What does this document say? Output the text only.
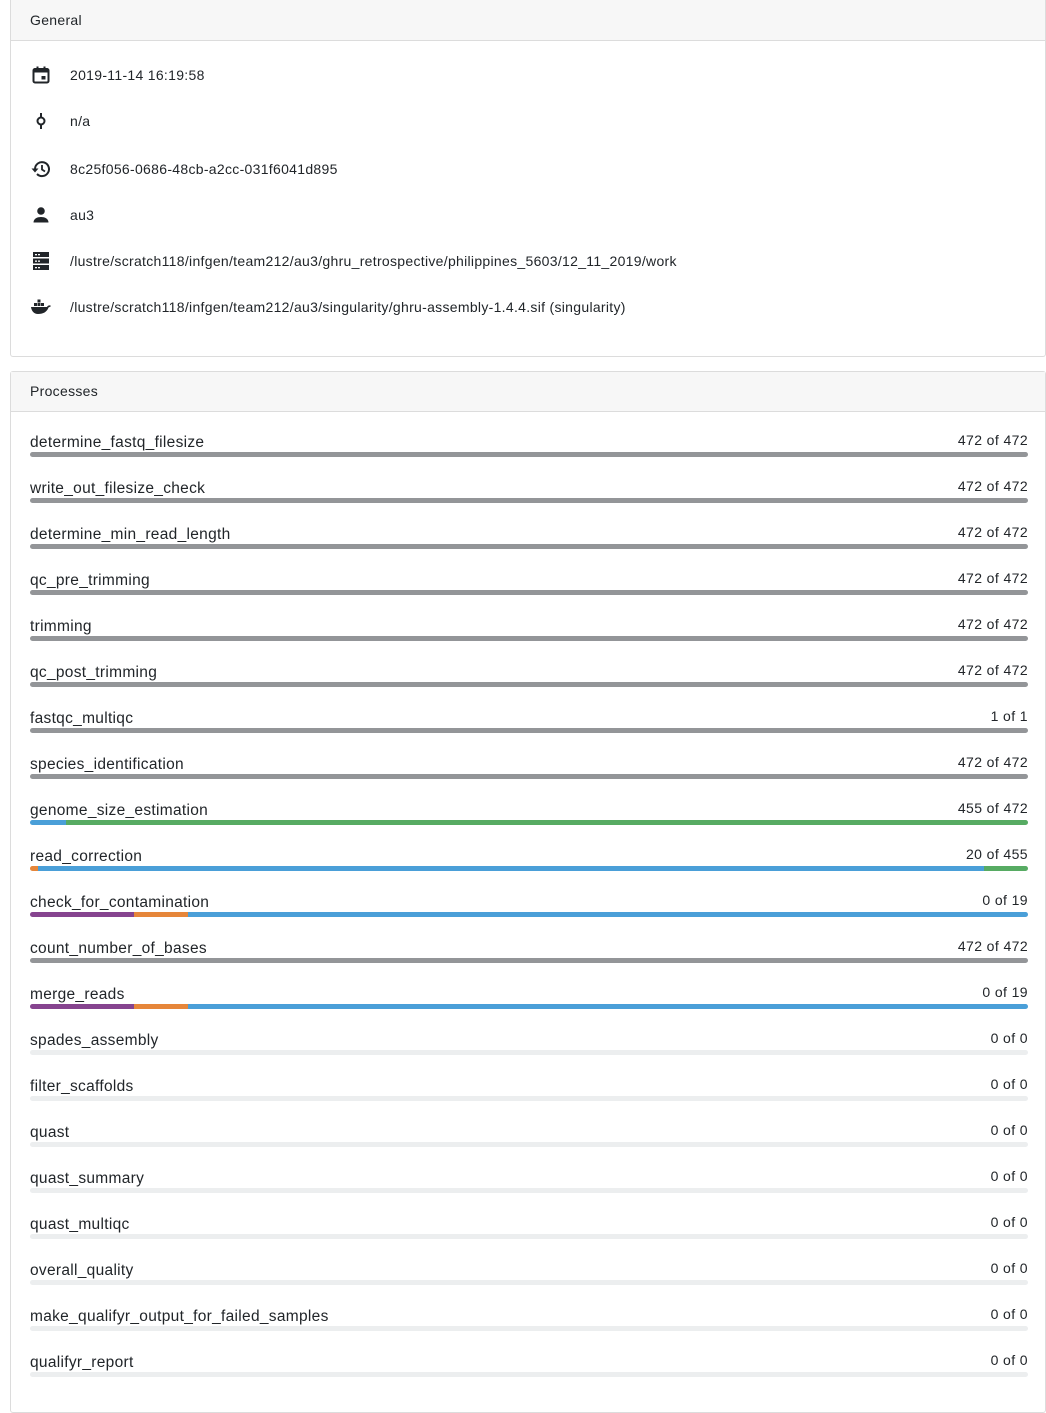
General
2019-11-14 16:19:58
n/a
8c25f056-0686-48cb-a2cc-031f6041d895
au3
/lustre/scratch118/infgen/team212/au3/ghru_retrospective/philippines_5603/12_11_2019/work
/lustre/scratch118/infgen/team212/au3/singularity/ghru-assembly-1.4.4.sif (singularity)
Processes
determine_fastq_filesize	472 of 472
write_out_filesize_check	472 of 472
determine_min_read_length	472 of 472
qc_pre_trimming	472 of 472
trimming	472 of 472
qc_post_trimming	472 of 472
fastqc_multiqc	1 of 1
species_identification	472 of 472
genome_size_estimation	455 of 472
read_correction	20 of 455
check_for_contamination	0 of 19
count_number_of_bases	472 of 472
merge_reads	0 of 19
spades_assembly	0 of 0
filter_scaffolds	0 of 0
quast	0 of 0
quast_summary	0 of 0
quast_multiqc	0 of 0
overall_quality	0 of 0
make_qualifyr_output_for_failed_samples	0 of 0
qualifyr_report	0 of 0
